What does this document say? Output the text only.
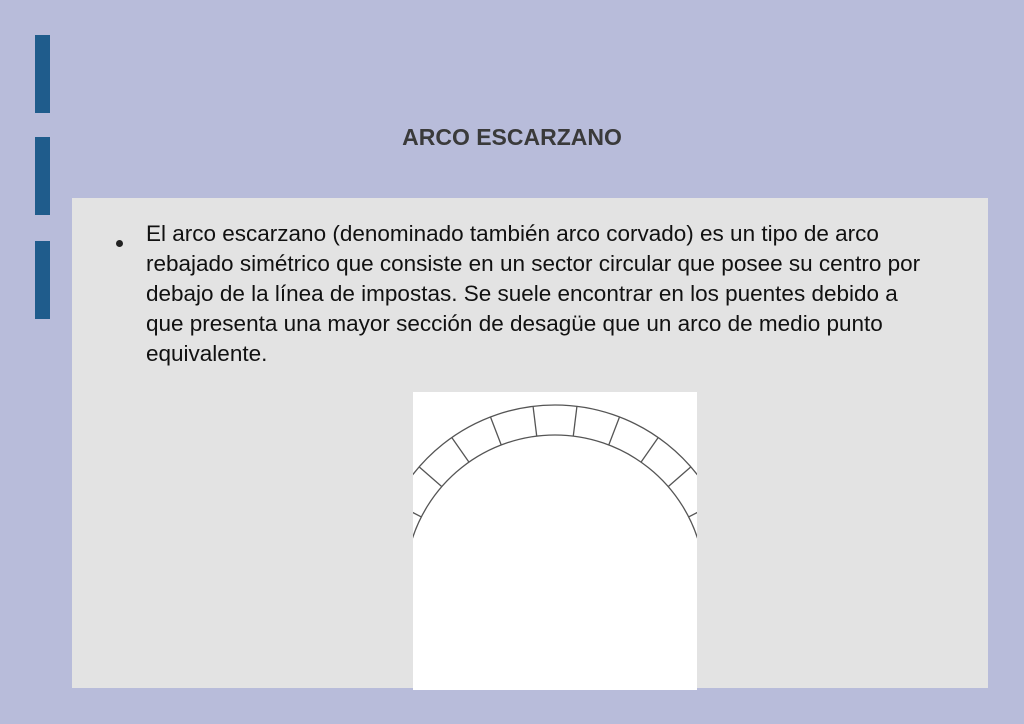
ARCO ESCARZANO

El arco escarzano (denominado también arco corvado) es un tipo de arco rebajado simétrico que consiste en un sector circular que posee su centro por debajo de la línea de impostas. Se suele encontrar en los puentes debido a que presenta una mayor sección de desagüe que un arco de medio punto equivalente.
